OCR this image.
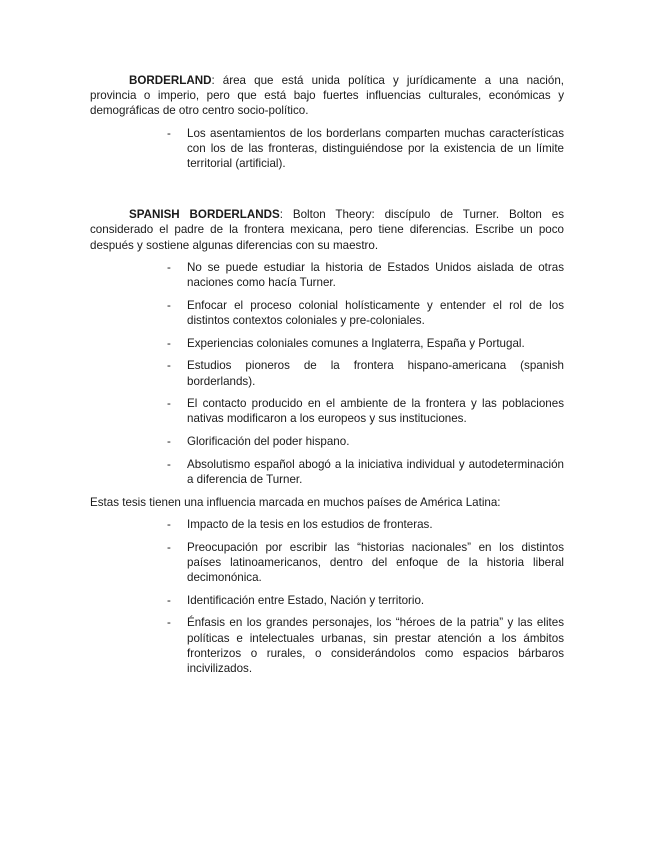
BORDERLAND: área que está unida política y jurídicamente a una nación, provincia o imperio, pero que está bajo fuertes influencias culturales, económicas y demográficas de otro centro socio-político.

- Los asentamientos de los borderlans comparten muchas características con los de las fronteras, distinguiéndose por la existencia de un límite territorial (artificial).

SPANISH BORDERLANDS: Bolton Theory: discípulo de Turner. Bolton es considerado el padre de la frontera mexicana, pero tiene diferencias. Escribe un poco después y sostiene algunas diferencias con su maestro.

- No se puede estudiar la historia de Estados Unidos aislada de otras naciones como hacía Turner.
- Enfocar el proceso colonial holísticamente y entender el rol de los distintos contextos coloniales y pre-coloniales.
- Experiencias coloniales comunes a Inglaterra, España y Portugal.
- Estudios pioneros de la frontera hispano-americana (spanish borderlands).
- El contacto producido en el ambiente de la frontera y las poblaciones nativas modificaron a los europeos y sus instituciones.
- Glorificación del poder hispano.
- Absolutismo español abogó a la iniciativa individual y autodeterminación a diferencia de Turner.

Estas tesis tienen una influencia marcada en muchos países de América Latina:

- Impacto de la tesis en los estudios de fronteras.
- Preocupación por escribir las “historias nacionales” en los distintos países latinoamericanos, dentro del enfoque de la historia liberal decimonónica.
- Identificación entre Estado, Nación y territorio.
- Énfasis en los grandes personajes, los “héroes de la patria” y las elites políticas e intelectuales urbanas, sin prestar atención a los ámbitos fronterizos o rurales, o considerándolos como espacios bárbaros incivilizados.
